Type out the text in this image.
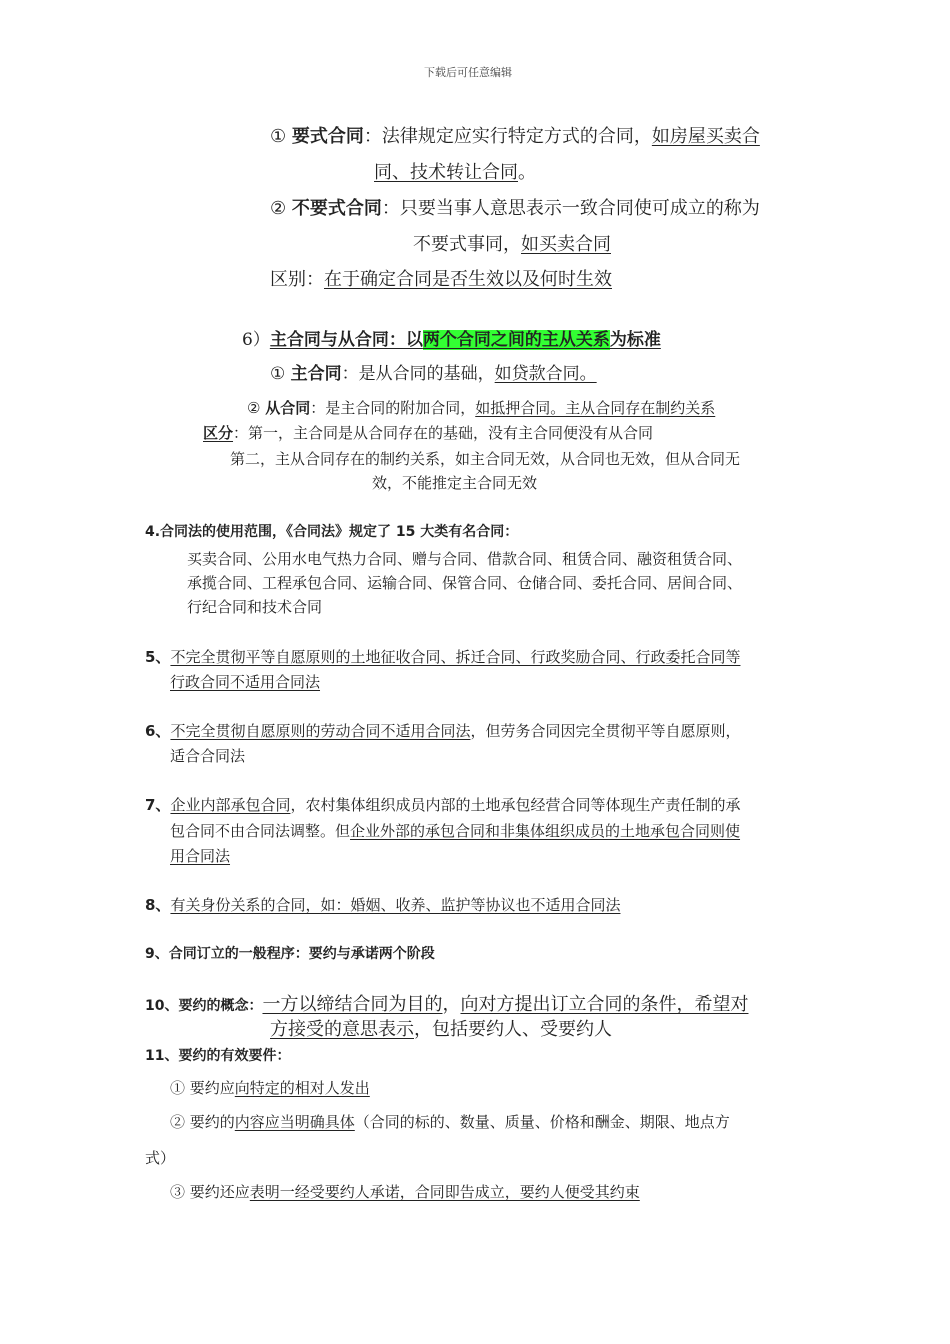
下载后可任意编辑
① 要式合同：法律规定应实行特定方式的合同，如房屋买卖合
同、技术转让合同。
② 不要式合同：只要当事人意思表示一致合同使可成立的称为
不要式事同，如买卖合同
区别：在于确定合同是否生效以及何时生效
6）主合同与从合同：以两个合同之间的主从关系为标准
① 主合同：是从合同的基础，如贷款合同。
② 从合同：是主合同的附加合同，如抵押合同。主从合同存在制约关系
区分：第一，主合同是从合同存在的基础，没有主合同便没有从合同
第二，主从合同存在的制约关系，如主合同无效，从合同也无效，但从合同无
效，不能推定主合同无效
4.合同法的使用范围，《合同法》规定了 15 大类有名合同：
买卖合同、公用水电气热力合同、赠与合同、借款合同、租赁合同、融资租赁合同、
承揽合同、工程承包合同、运输合同、保管合同、仓储合同、委托合同、居间合同、
行纪合同和技术合同
5、不完全贯彻平等自愿原则的土地征收合同、拆迁合同、行政奖励合同、行政委托合同等
行政合同不适用合同法
6、不完全贯彻自愿原则的劳动合同不适用合同法，但劳务合同因完全贯彻平等自愿原则，
适合合同法
7、企业内部承包合同，农村集体组织成员内部的土地承包经营合同等体现生产责任制的承
包合同不由合同法调整。但企业外部的承包合同和非集体组织成员的土地承包合同则使
用合同法
8、有关身份关系的合同，如：婚姻、收养、监护等协议也不适用合同法
9、合同订立的一般程序：要约与承诺两个阶段
10、要约的概念：一方以缔结合同为目的，向对方提出订立合同的条件，希望对
方接受的意思表示，包括要约人、受要约人
11、要约的有效要件：
① 要约应向特定的相对人发出
② 要约的内容应当明确具体（合同的标的、数量、质量、价格和酬金、期限、地点方
式）
③ 要约还应表明一经受要约人承诺，合同即告成立，要约人便受其约束
